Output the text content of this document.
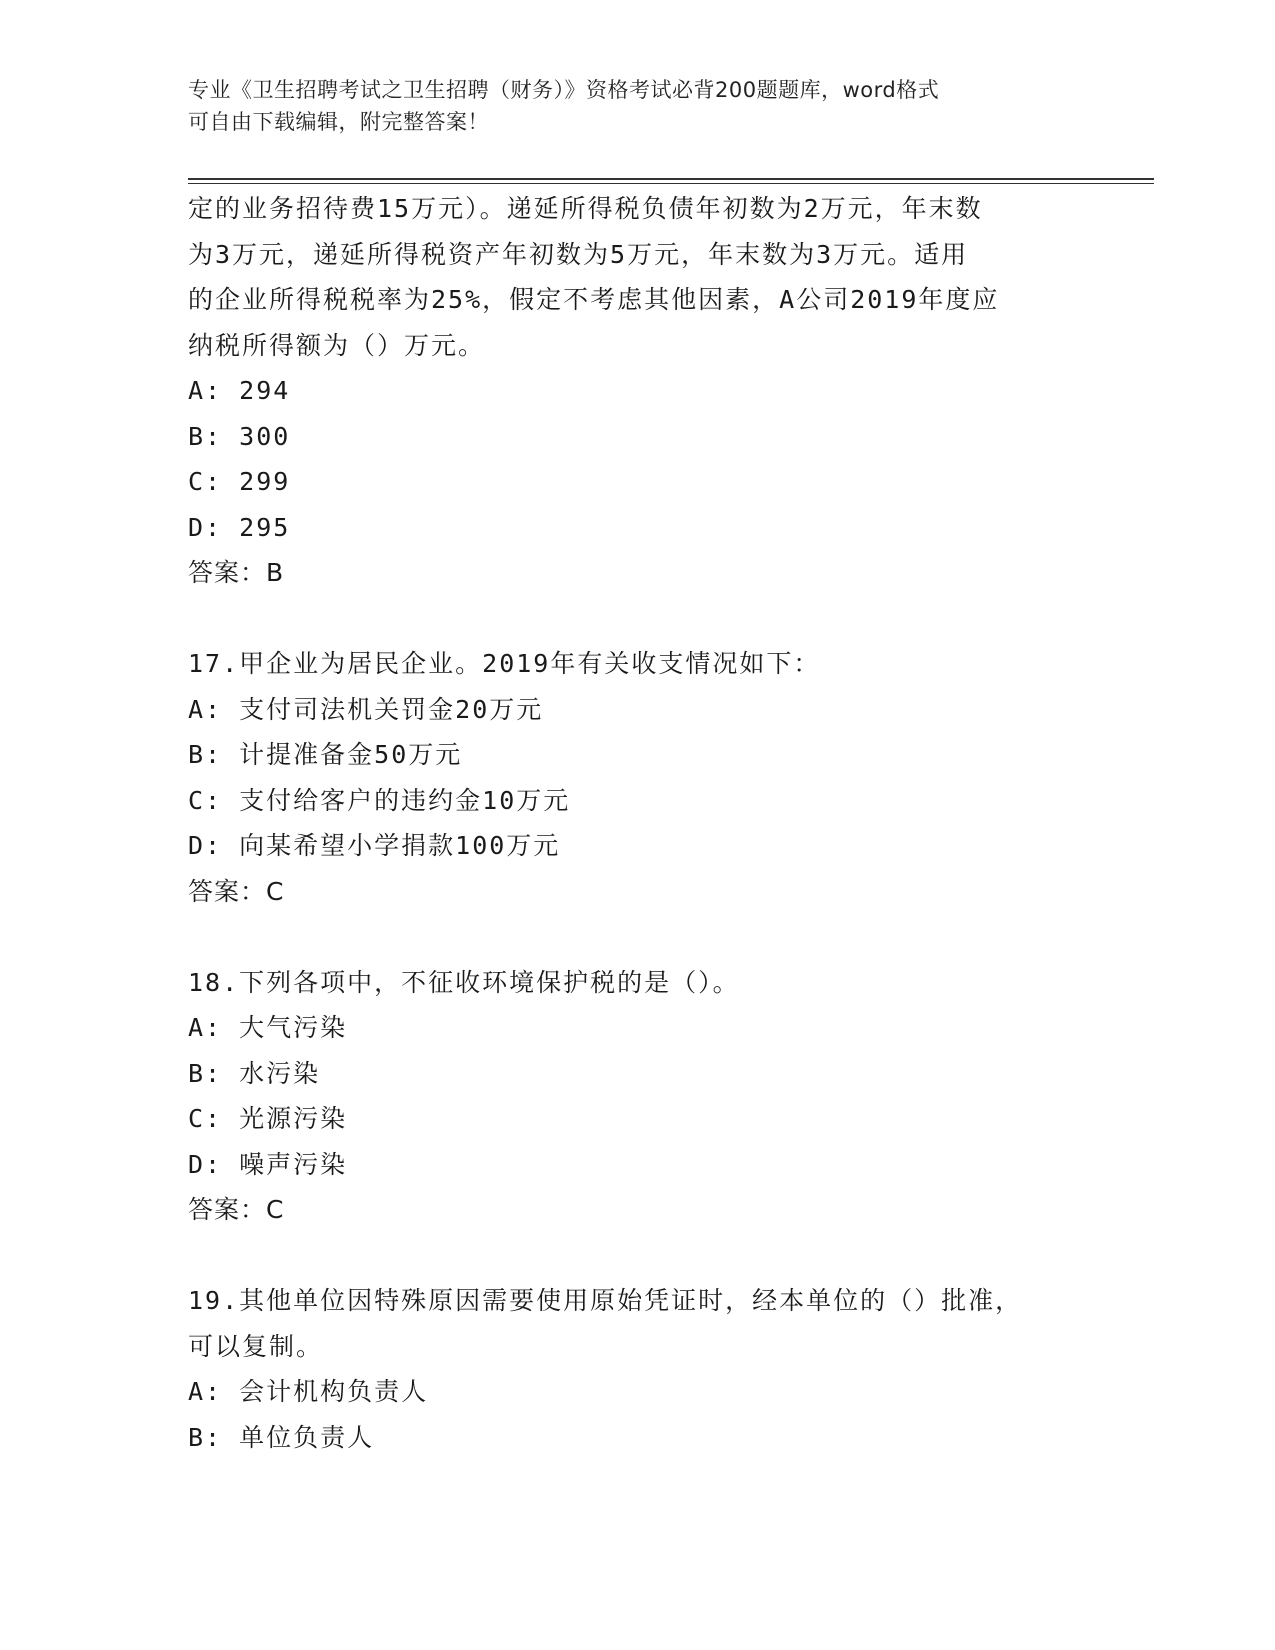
专业《卫生招聘考试之卫生招聘（财务）》资格考试必背200题题库，word格式
可自由下载编辑，附完整答案！
定的业务招待费15万元）。递延所得税负债年初数为2万元，年末数
为3万元，递延所得税资产年初数为5万元，年末数为3万元。适用
的企业所得税税率为25%，假定不考虑其他因素，A公司2019年度应
纳税所得额为（）万元。
A: 294
B: 300
C: 299
D: 295
答案：B
17.甲企业为居民企业。2019年有关收支情况如下：
A: 支付司法机关罚金20万元
B: 计提准备金50万元
C: 支付给客户的违约金10万元
D: 向某希望小学捐款100万元
答案：C
18.下列各项中，不征收环境保护税的是（）。
A: 大气污染
B: 水污染
C: 光源污染
D: 噪声污染
答案：C
19.其他单位因特殊原因需要使用原始凭证时，经本单位的（）批准，
可以复制。
A: 会计机构负责人
B: 单位负责人
